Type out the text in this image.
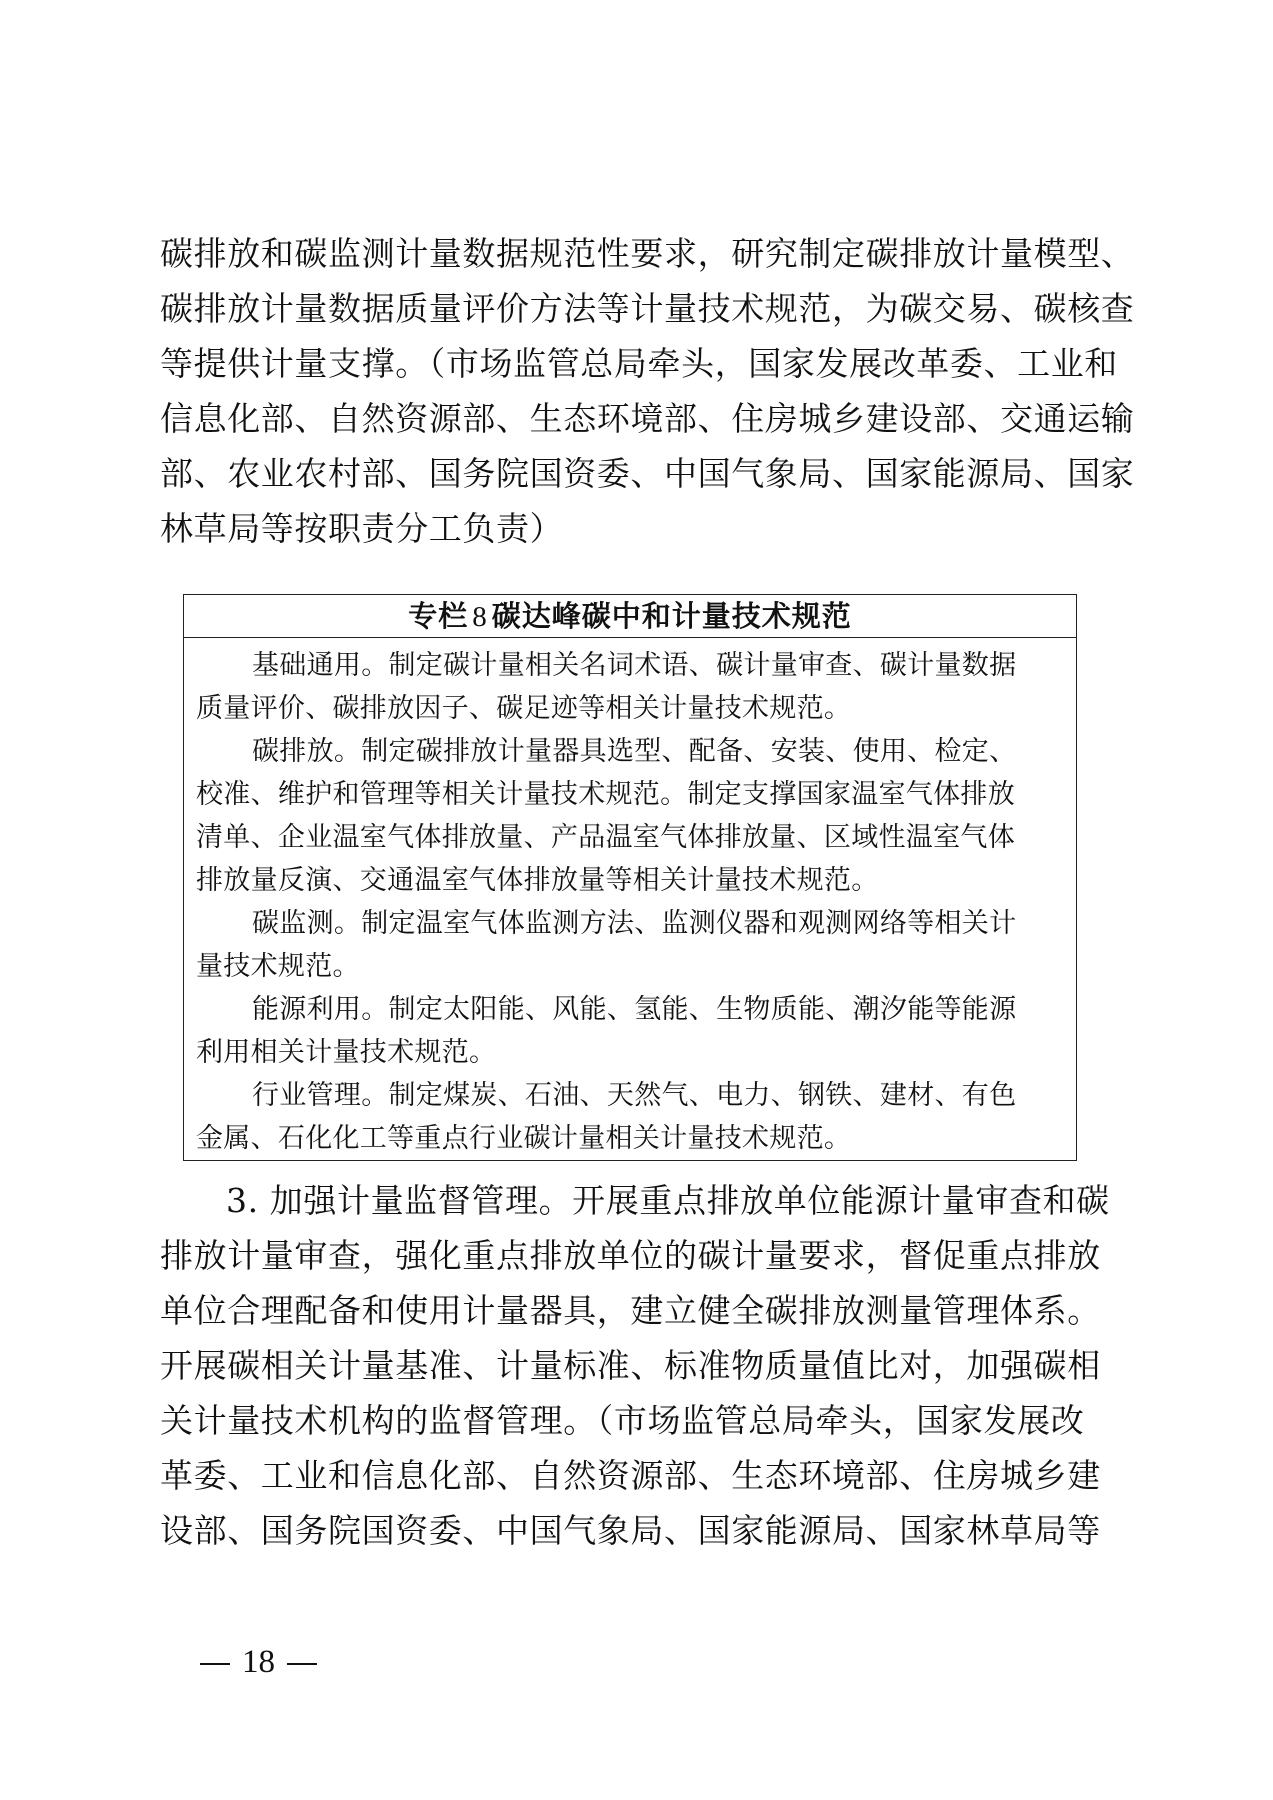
碳排放和碳监测计量数据规范性要求，研究制定碳排放计量模型、
碳排放计量数据质量评价方法等计量技术规范，为碳交易、碳核查
等提供计量支撑。（市场监管总局牵头，国家发展改革委、工业和
信息化部、自然资源部、生态环境部、住房城乡建设部、交通运输
部、农业农村部、国务院国资委、中国气象局、国家能源局、国家
林草局等按职责分工负责）
专栏 8 碳达峰碳中和计量技术规范
基础通用。制定碳计量相关名词术语、碳计量审查、碳计量数据
质量评价、碳排放因子、碳足迹等相关计量技术规范。
碳排放。制定碳排放计量器具选型、配备、安装、使用、检定、
校准、维护和管理等相关计量技术规范。制定支撑国家温室气体排放
清单、企业温室气体排放量、产品温室气体排放量、区域性温室气体
排放量反演、交通温室气体排放量等相关计量技术规范。
碳监测。制定温室气体监测方法、监测仪器和观测网络等相关计
量技术规范。
能源利用。制定太阳能、风能、氢能、生物质能、潮汐能等能源
利用相关计量技术规范。
行业管理。制定煤炭、石油、天然气、电力、钢铁、建材、有色
金属、石化化工等重点行业碳计量相关计量技术规范。
3. 加强计量监督管理。开展重点排放单位能源计量审查和碳
排放计量审查，强化重点排放单位的碳计量要求，督促重点排放
单位合理配备和使用计量器具，建立健全碳排放测量管理体系。
开展碳相关计量基准、计量标准、标准物质量值比对，加强碳相
关计量技术机构的监督管理。（市场监管总局牵头，国家发展改
革委、工业和信息化部、自然资源部、生态环境部、住房城乡建
设部、国务院国资委、中国气象局、国家能源局、国家林草局等
18
